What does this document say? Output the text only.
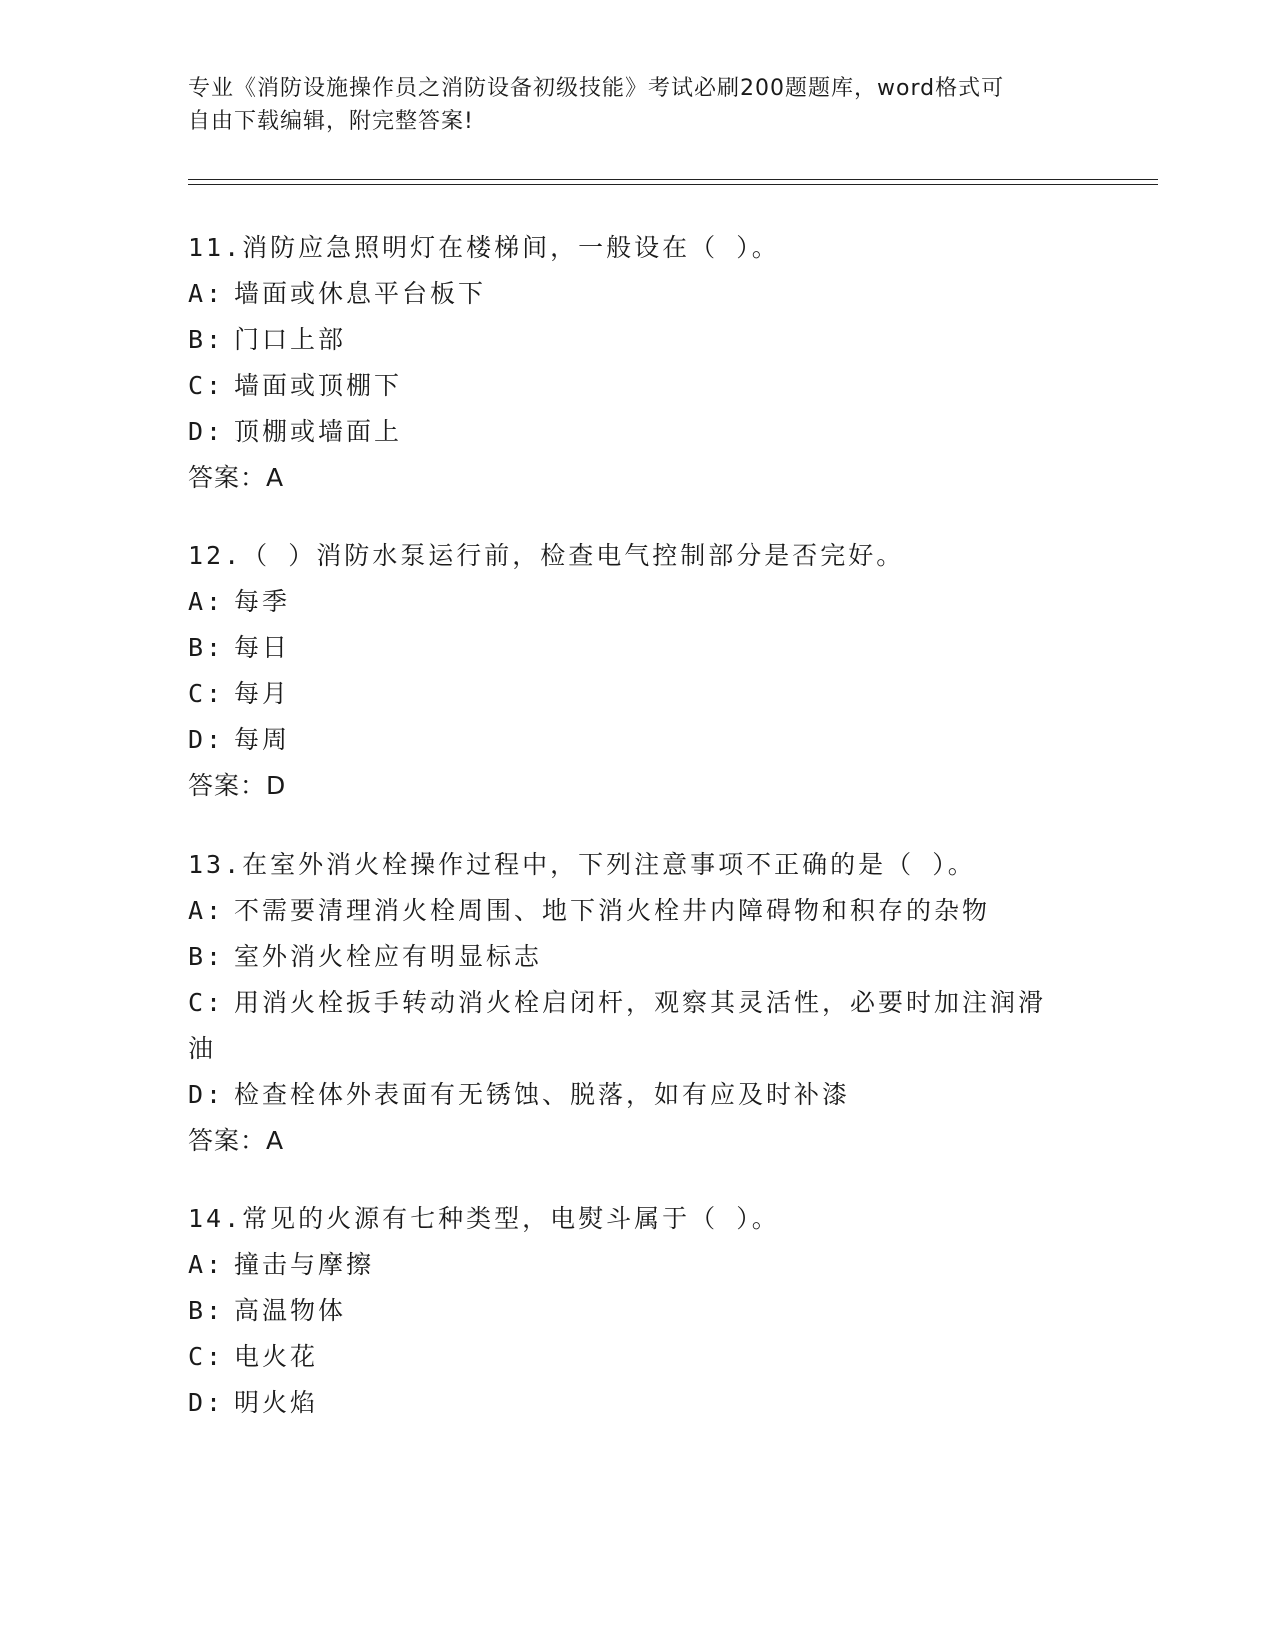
专业《消防设施操作员之消防设备初级技能》考试必刷200题题库，word格式可
自由下载编辑，附完整答案!
11.消防应急照明灯在楼梯间，一般设在（ ）。
A: 墙面或休息平台板下
B: 门口上部
C: 墙面或顶棚下
D: 顶棚或墙面上
答案：A
12.（ ）消防水泵运行前，检查电气控制部分是否完好。
A: 每季
B: 每日
C: 每月
D: 每周
答案：D
13.在室外消火栓操作过程中，下列注意事项不正确的是（ ）。
A: 不需要清理消火栓周围、地下消火栓井内障碍物和积存的杂物
B: 室外消火栓应有明显标志
C: 用消火栓扳手转动消火栓启闭杆，观察其灵活性，必要时加注润滑油
D: 检查栓体外表面有无锈蚀、脱落，如有应及时补漆
答案：A
14.常见的火源有七种类型，电熨斗属于（ ）。
A: 撞击与摩擦
B: 高温物体
C: 电火花
D: 明火焰
